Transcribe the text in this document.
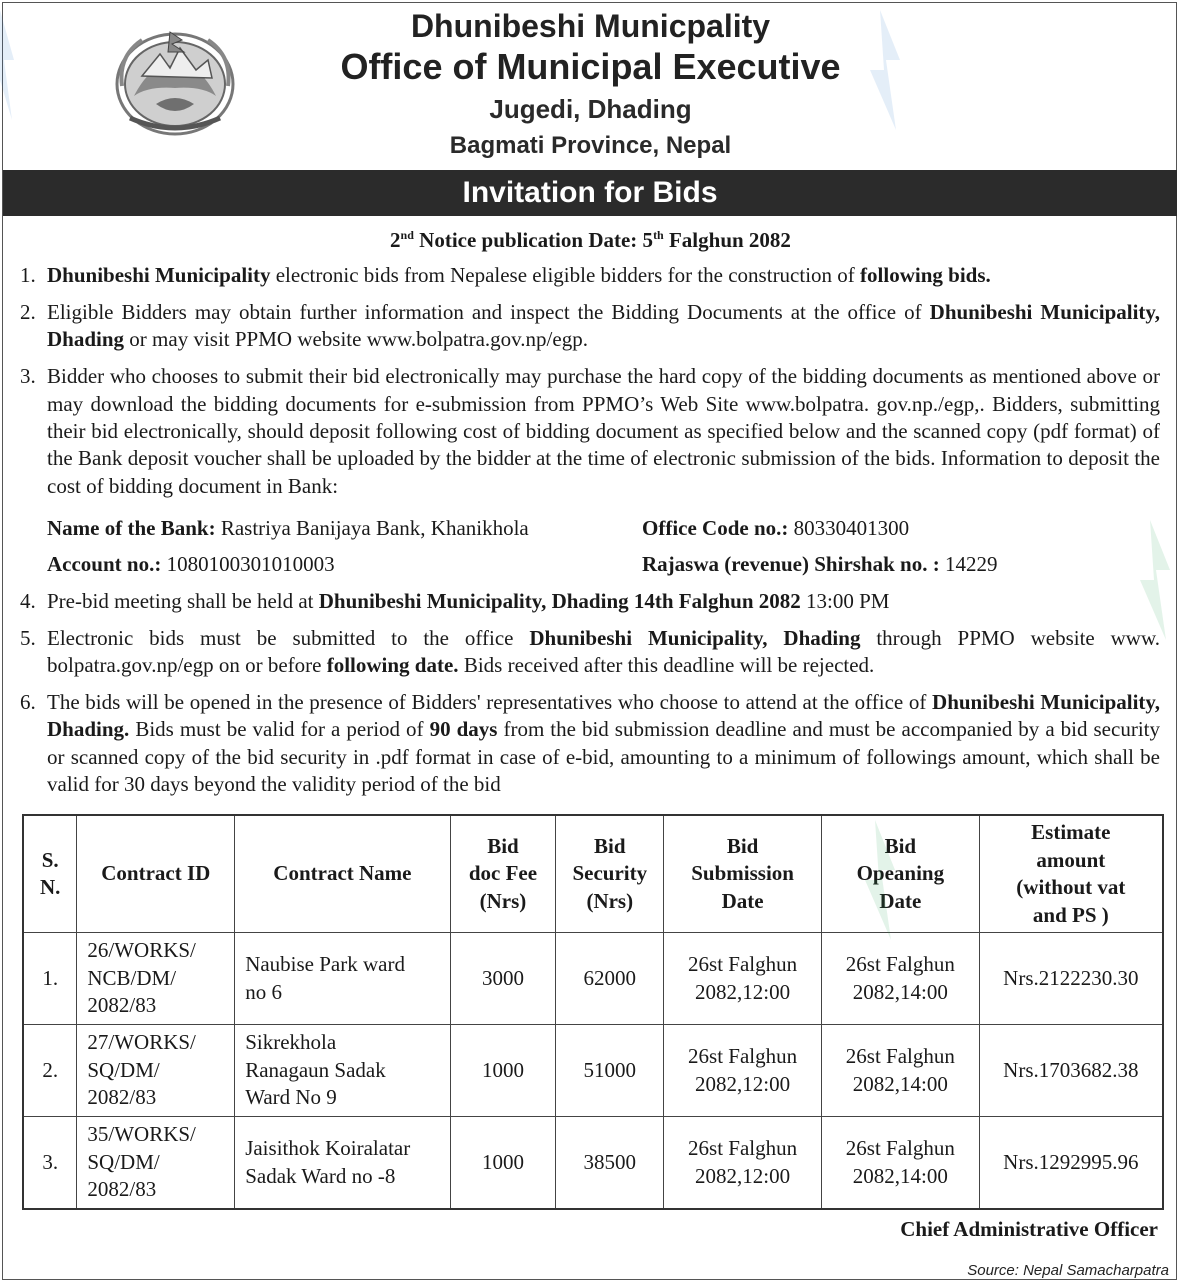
Dhunibeshi Municpality
Office of Municipal Executive
Jugedi, Dhading
Bagmati Province, Nepal
Invitation for Bids
2nd Notice publication Date: 5th Falghun 2082
1. Dhunibeshi Municipality electronic bids from Nepalese eligible bidders for the construction of following bids.
2. Eligible Bidders may obtain further information and inspect the Bidding Documents at the office of Dhunibeshi Municipality, Dhading or may visit PPMO website www.bolpatra.gov.np/egp.
3. Bidder who chooses to submit their bid electronically may purchase the hard copy of the bidding documents as mentioned above or may download the bidding documents for e-submission from PPMO’s Web Site www.bolpatra. gov.np./egp,. Bidders, submitting their bid electronically, should deposit following cost of bidding document as specified below and the scanned copy (pdf format) of the Bank deposit voucher shall be uploaded by the bidder at the time of electronic submission of the bids. Information to deposit the cost of bidding document in Bank:
Name of the Bank: Rastriya Banijaya Bank, Khanikhola	Office Code no.: 80330401300
Account no.: 1080100301010003	Rajaswa (revenue) Shirshak no. : 14229
4. Pre-bid meeting shall be held at Dhunibeshi Municipality, Dhading 14th Falghun 2082 13:00 PM
5. Electronic bids must be submitted to the office Dhunibeshi Municipality, Dhading through PPMO website www. bolpatra.gov.np/egp on or before following date. Bids received after this deadline will be rejected.
6. The bids will be opened in the presence of Bidders' representatives who choose to attend at the office of Dhunibeshi Municipality, Dhading. Bids must be valid for a period of 90 days from the bid submission deadline and must be accompanied by a bid security or scanned copy of the bid security in .pdf format in case of e-bid, amounting to a minimum of followings amount, which shall be valid for 30 days beyond the validity period of the bid
S.
N.	Contract ID	Contract Name	Bid
doc Fee
(Nrs)	Bid
Security
(Nrs)	Bid
Submission
Date	Bid
Opeaning
Date	Estimate
amount
(without vat
and PS )
1.	26/WORKS/
NCB/DM/
2082/83	Naubise Park ward
no 6	3000	62000	26st Falghun
2082,12:00	26st Falghun
2082,14:00	Nrs.2122230.30
2.	27/WORKS/
SQ/DM/
2082/83	Sikrekhola
Ranagaun Sadak
Ward No 9	1000	51000	26st Falghun
2082,12:00	26st Falghun
2082,14:00	Nrs.1703682.38
3.	35/WORKS/
SQ/DM/
2082/83	Jaisithok Koiralatar
Sadak Ward no -8	1000	38500	26st Falghun
2082,12:00	26st Falghun
2082,14:00	Nrs.1292995.96
Chief Administrative Officer
Source: Nepal Samacharpatra
